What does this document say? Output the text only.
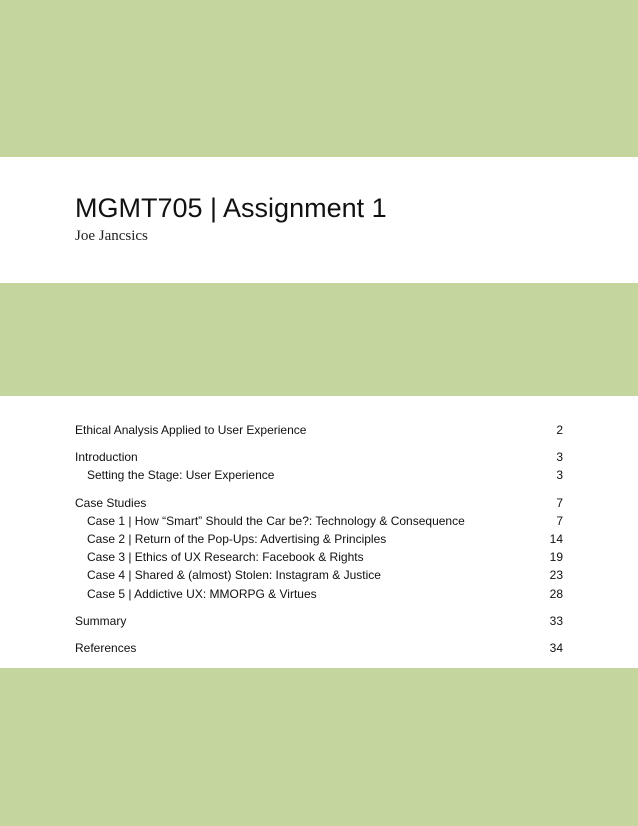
MGMT705 | Assignment 1
Joe Jancsics
Ethical Analysis Applied to User Experience	2
Introduction	3
Setting the Stage: User Experience	3
Case Studies	7
Case 1 | How “Smart” Should the Car be?: Technology & Consequence	7
Case 2 | Return of the Pop-Ups: Advertising & Principles	14
Case 3 | Ethics of UX Research: Facebook & Rights	19
Case 4 | Shared & (almost) Stolen: Instagram & Justice	23
Case 5 | Addictive UX: MMORPG & Virtues	28
Summary	33
References	34
